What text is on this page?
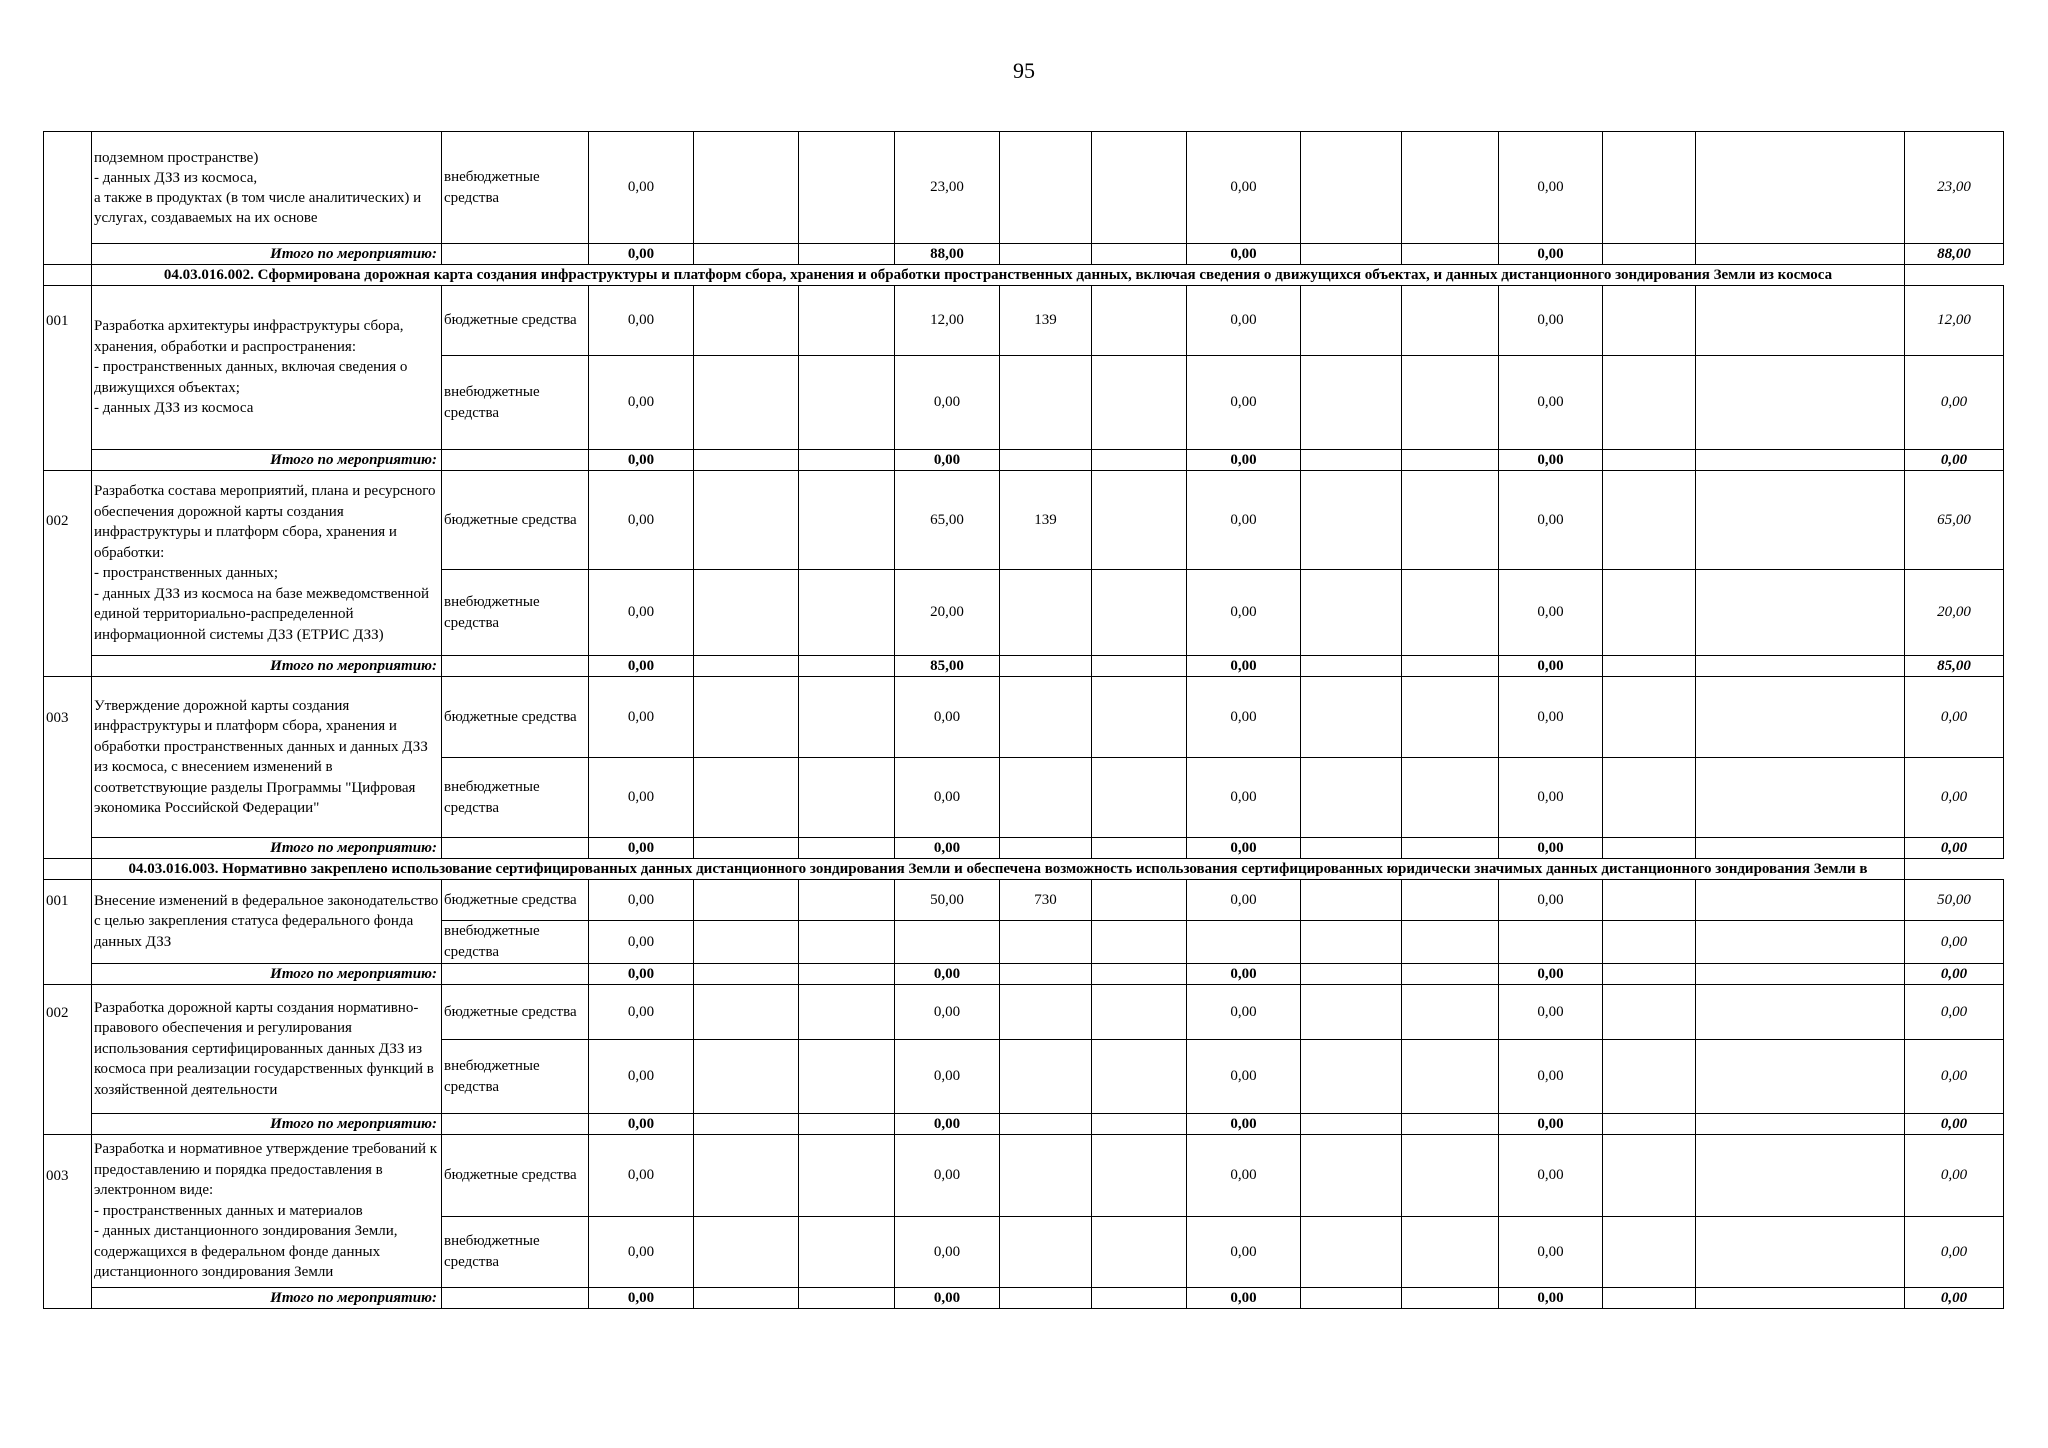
95
	подземном пространстве)
- данных ДЗЗ из космоса,
а также в продуктах (в том числе аналитических) и услугах, создаваемых на их основе	внебюджетные средства	0,00			23,00			0,00			0,00			23,00
	Итого по мероприятию:		0,00			88,00			0,00			0,00			88,00
	04.03.016.002. Сформирована дорожная карта создания инфраструктуры и платформ сбора, хранения и обработки пространственных данных, включая сведения о движущихся объектах, и данных дистанционного зондирования Земли из космоса														
001	Разработка архитектуры инфраструктуры сбора, хранения, обработки и распространения:
- пространственных данных, включая сведения о движущихся объектах;
- данных ДЗЗ из космоса	бюджетные средства	0,00			12,00	139		0,00			0,00			12,00
		внебюджетные средства	0,00			0,00			0,00			0,00			0,00
	Итого по мероприятию:		0,00			0,00			0,00			0,00			0,00
002	Разработка состава мероприятий, плана и ресурсного обеспечения дорожной карты создания инфраструктуры и платформ сбора, хранения и обработки:
- пространственных данных;
- данных ДЗЗ из космоса на базе межведомственной единой территориально-распределенной информационной системы ДЗЗ (ЕТРИС ДЗЗ)	бюджетные средства	0,00			65,00	139		0,00			0,00			65,00
		внебюджетные средства	0,00			20,00			0,00			0,00			20,00
	Итого по мероприятию:		0,00			85,00			0,00			0,00			85,00
003	Утверждение дорожной карты создания инфраструктуры и платформ сбора, хранения и обработки пространственных данных и данных ДЗЗ из космоса, с внесением изменений в соответствующие разделы Программы "Цифровая экономика Российской Федерации"	бюджетные средства	0,00			0,00			0,00			0,00			0,00
		внебюджетные средства	0,00			0,00			0,00			0,00			0,00
	Итого по мероприятию:		0,00			0,00			0,00			0,00			0,00
	04.03.016.003. Нормативно закреплено использование сертифицированных данных дистанционного зондирования Земли и обеспечена возможность использования сертифицированных юридически значимых данных дистанционного зондирования Земли в														
001	Внесение изменений в федеральное законодательство с целью закрепления статуса федерального фонда данных ДЗЗ	бюджетные средства	0,00			50,00	730		0,00			0,00			50,00
		внебюджетные средства	0,00												0,00
	Итого по мероприятию:		0,00			0,00			0,00			0,00			0,00
002	Разработка дорожной карты создания нормативно-правового обеспечения и регулирования использования сертифицированных данных ДЗЗ из космоса при реализации государственных функций в хозяйственной деятельности	бюджетные средства	0,00			0,00			0,00			0,00			0,00
		внебюджетные средства	0,00			0,00			0,00			0,00			0,00
	Итого по мероприятию:		0,00			0,00			0,00			0,00			0,00
003	Разработка и нормативное утверждение требований к предоставлению и порядка предоставления в электронном виде:
- пространственных данных и материалов
- данных дистанционного зондирования Земли, содержащихся в федеральном фонде данных дистанционного зондирования Земли	бюджетные средства	0,00			0,00			0,00			0,00			0,00
		внебюджетные средства	0,00			0,00			0,00			0,00			0,00
	Итого по мероприятию:		0,00			0,00			0,00			0,00			0,00
